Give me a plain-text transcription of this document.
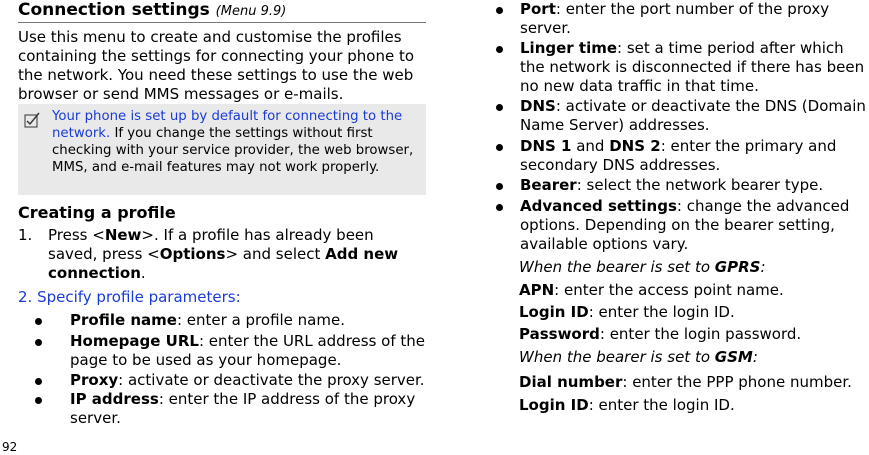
Connection settings (Menu 9.9)
Use this menu to create and customise the profiles containing the settings for connecting your phone to the network. You need these settings to use the web browser or send MMS messages or e-mails.
Your phone is set up by default for connecting to the network. If you change the settings without first checking with your service provider, the web browser, MMS, and e-mail features may not work properly.
Creating a profile
1. Press <New>. If a profile has already been saved, press <Options> and select Add new connection.
2. Specify profile parameters:
Profile name: enter a profile name.
Homepage URL: enter the URL address of the page to be used as your homepage.
Proxy: activate or deactivate the proxy server.
IP address: enter the IP address of the proxy server.
Port: enter the port number of the proxy server.
Linger time: set a time period after which the network is disconnected if there has been no new data traffic in that time.
DNS: activate or deactivate the DNS (Domain Name Server) addresses.
DNS 1 and DNS 2: enter the primary and secondary DNS addresses.
Bearer: select the network bearer type.
Advanced settings: change the advanced options. Depending on the bearer setting, available options vary.
When the bearer is set to GPRS:
APN: enter the access point name.
Login ID: enter the login ID.
Password: enter the login password.
When the bearer is set to GSM:
Dial number: enter the PPP phone number.
Login ID: enter the login ID.
92
